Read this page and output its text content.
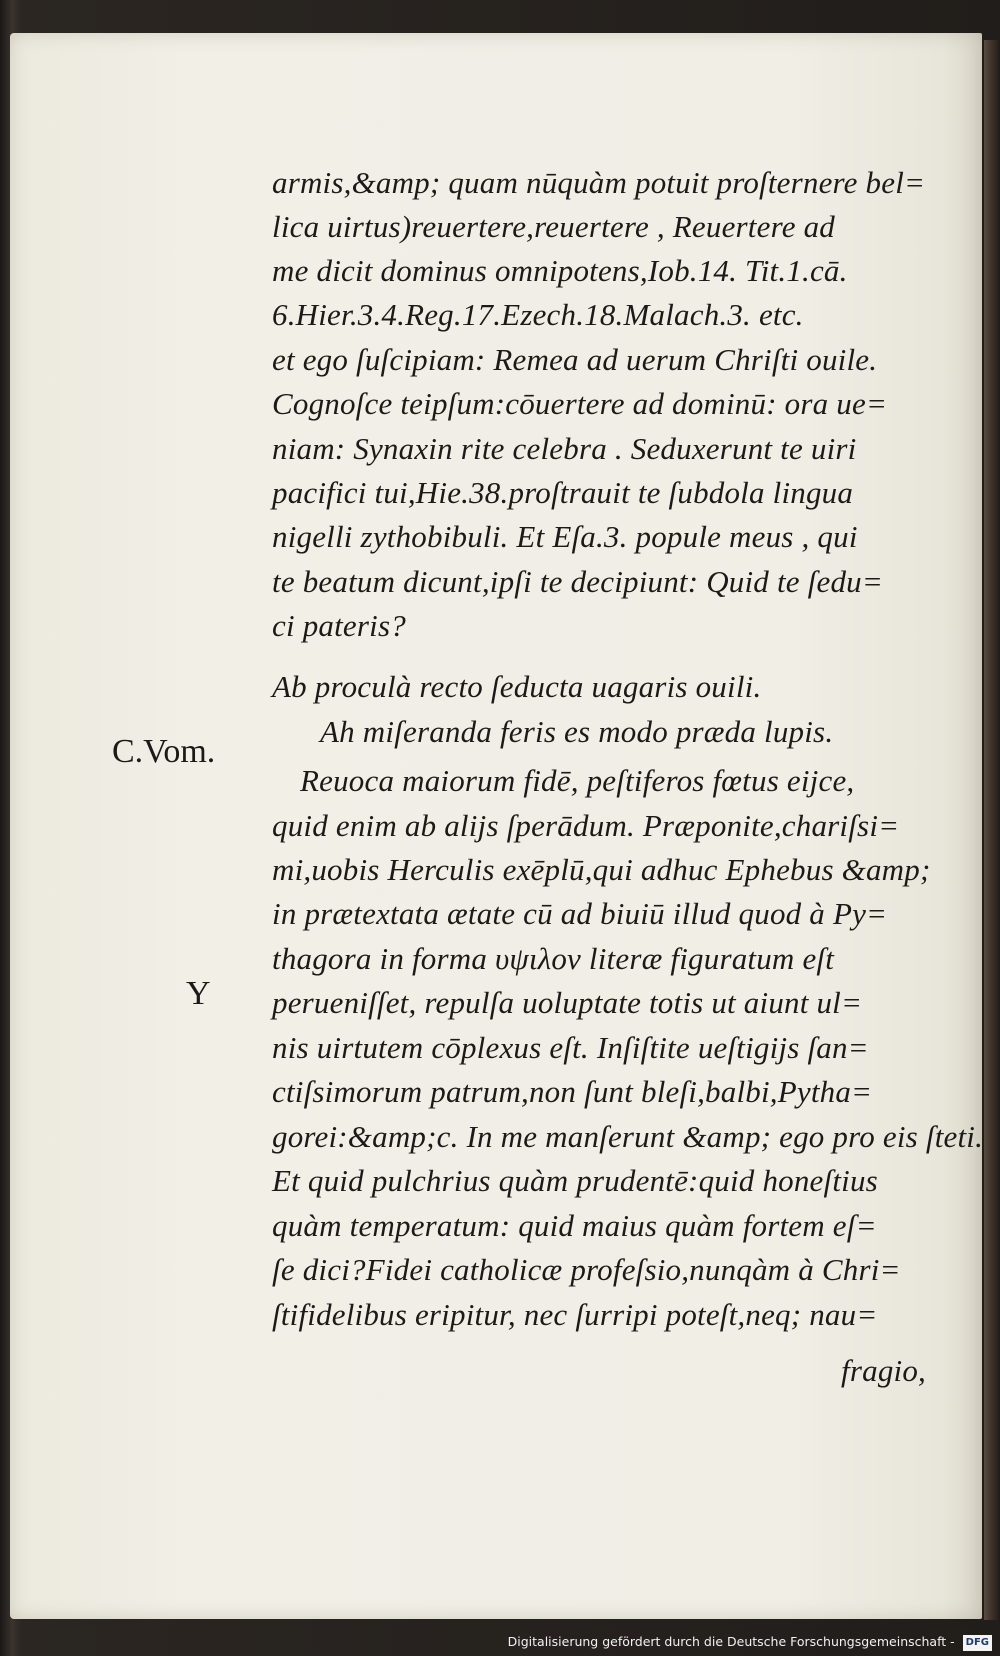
armis,&amp; quam nūquàm potuit proſternere bel=
lica uirtus)reuertere,reuertere , Reuertere ad
me dicit dominus omnipotens,Iob.14. Tit.1.cā.
6.Hier.3.4.Reg.17.Ezech.18.Malach.3. etc.
et ego ſuſcipiam: Remea ad uerum Chriſti ouile.
Cognoſce teipſum:cōuertere ad dominū: ora ue=
niam: Synaxin rite celebra . Seduxerunt te uiri
pacifici tui,Hie.38.proſtrauit te ſubdola lingua
nigelli zythobibuli. Et Eſa.3. popule meus , qui
te beatum dicunt,ipſi te decipiunt: Quid te ſedu=
ci pateris?
Ab proculà recto ſeducta uagaris ouili.
Ah miſeranda feris es modo præda lupis.
Reuoca maiorum fidē, peſtiferos fœtus eijce,
quid enim ab alijs ſperādum. Præponite,chariſsi=
mi,uobis Herculis exēplū,qui adhuc Ephebus &amp;
in prætextata ætate cū ad biuiū illud quod à Py=
thagora in forma υψιλον literæ figuratum eſt
perueniſſet, repulſa uoluptate totis ut aiunt ul=
nis uirtutem cōplexus eſt. Inſiſtite ueſtigijs ſan=
ctiſsimorum patrum,non ſunt bleſi,balbi,Pytha=
gorei:&amp;c. In me manſerunt &amp; ego pro eis ſteti.
Et quid pulchrius quàm prudentē:quid honeſtius
quàm temperatum: quid maius quàm fortem eſ=
ſe dici?Fidei catholicæ profeſsio,nunqàm à Chri=
ſtifidelibus eripitur, nec ſurripi poteſt,neq; nau=
fragio,
C.Vom.
Y
Digitalisierung gefördert durch die Deutsche Forschungsgemeinschaft - DFG
